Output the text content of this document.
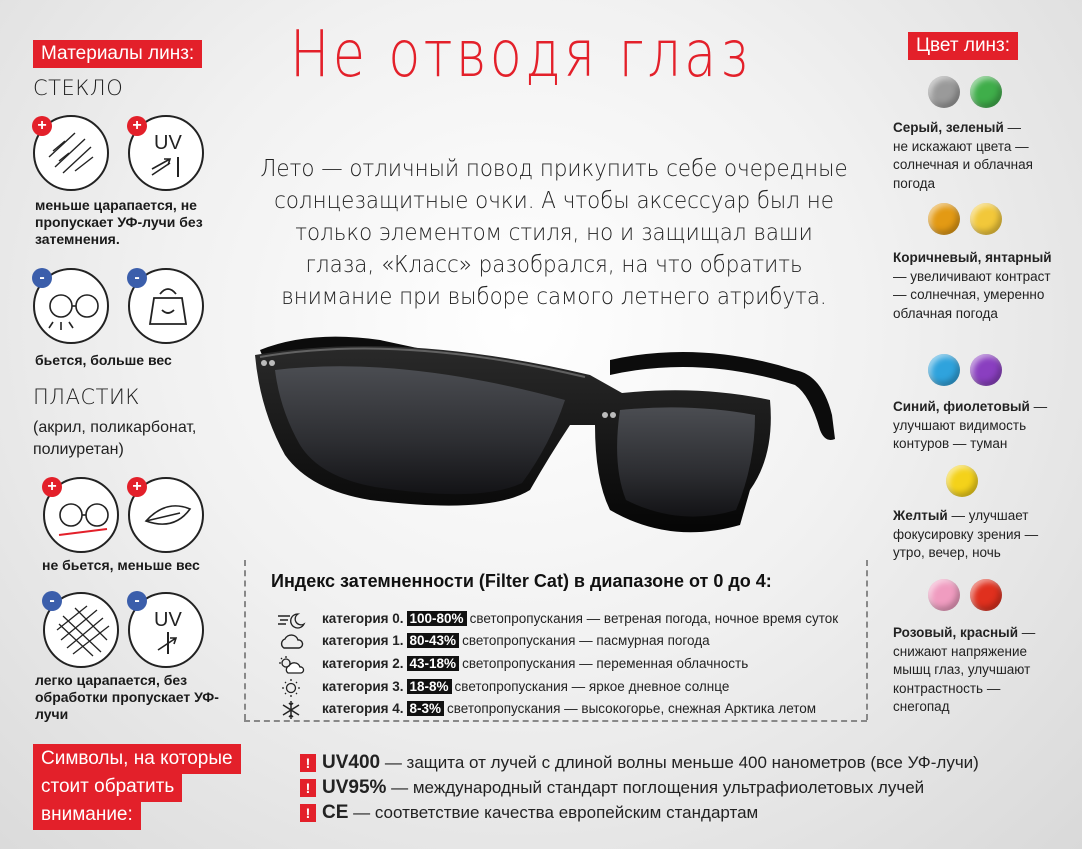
Материалы линз:
СТЕКЛО
+
UV
+
меньше царапается, не пропускает УФ-лучи без затемнения.
-	-
бьется, больше вес
ПЛАСТИК
(акрил, поликарбонат, полиуретан)
+	+
не бьется, меньше вес
-
UV
-
легко царапается, без обработки пропускает УФ-лучи
Не отводя глаз
Лето — отличный повод прикупить себе очередные солнцезащитные очки. А чтобы аксессуар был не только элементом стиля, но и защищал ваши глаза, «Класс» разобрался, на что обратить внимание при выборе самого летнего атрибута.
Цвет линз:
Серый, зеленый —
не искажают цвета — солнечная и облачная погода
Коричневый, янтарный
— увеличивают контраст — солнечная, умеренно облачная погода
Синий, фиолетовый —
улучшают видимость контуров — туман
Желтый — улучшает фокусировку зрения — утро, вечер, ночь
Розовый, красный —
снижают напряжение мышц глаз, улучшают контрастность — снегопад
Индекс затемненности (Filter Cat) в диапазоне от 0 до 4:
категория 0. 100-80% светопропускания — ветреная погода, ночное время суток
категория 1. 80-43% светопропускания — пасмурная погода
категория 2. 43-18% светопропускания — переменная облачность
категория 3. 18-8% светопропускания — яркое дневное солнце
категория 4. 8-3% светопропускания — высокогорье, снежная Арктика летом
Символы, на которые
стоит обратить
внимание:
! UV400 — защита от лучей с длиной волны меньше 400 нанометров (все УФ-лучи)
! UV95% — международный стандарт поглощения ультрафиолетовых лучей
! CE — соответствие качества европейским стандартам
